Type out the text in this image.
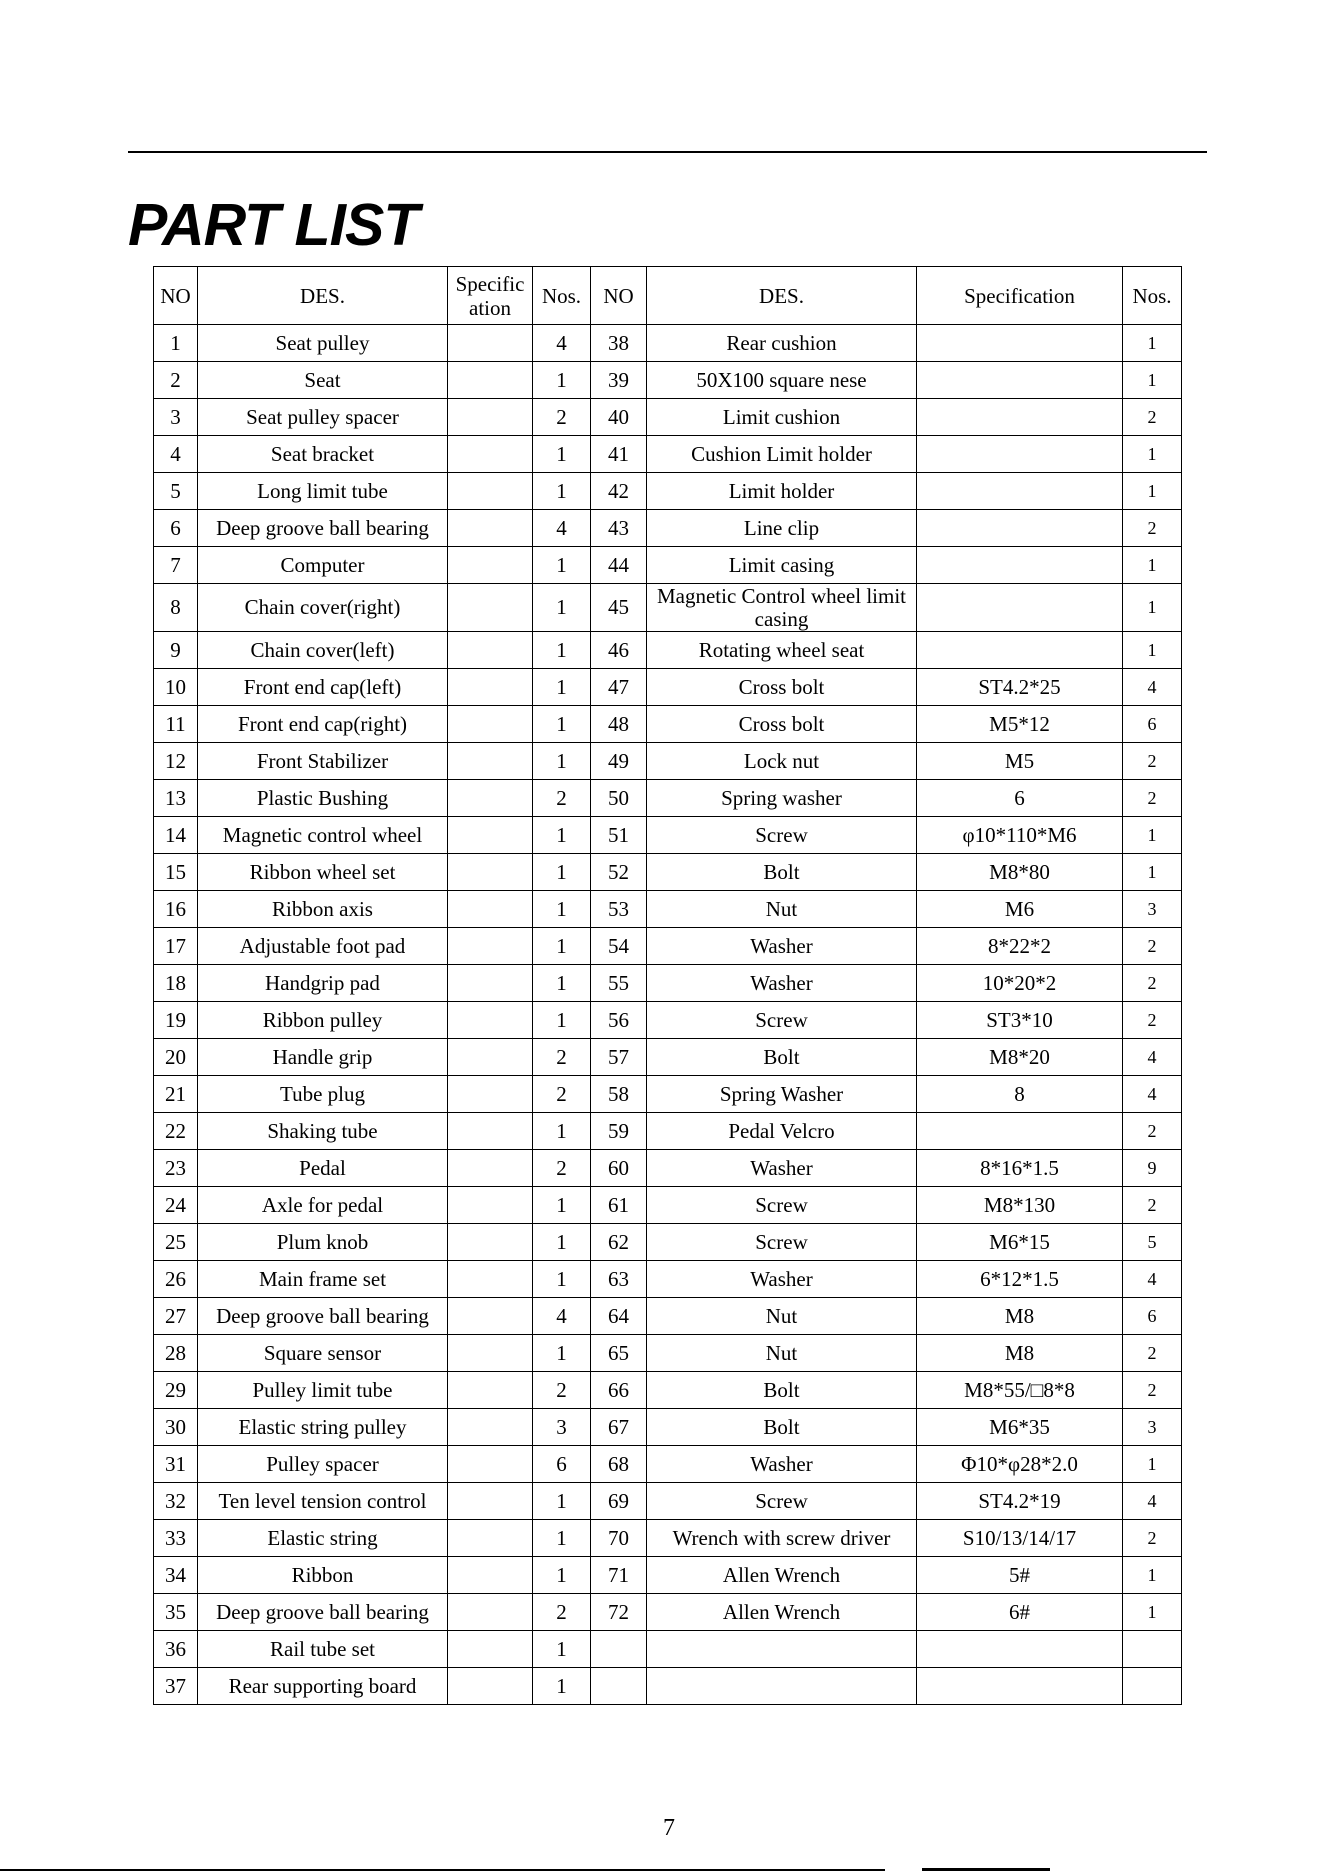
PART LIST
NO	DES.	Specific ation	Nos.	NO	DES.	Specification	Nos.
1	Seat pulley		4	38	Rear cushion		1
2	Seat		1	39	50X100 square nese		1
3	Seat pulley spacer		2	40	Limit cushion		2
4	Seat bracket		1	41	Cushion Limit holder		1
5	Long limit tube		1	42	Limit holder		1
6	Deep groove ball bearing		4	43	Line clip		2
7	Computer		1	44	Limit casing		1
8	Chain cover(right)		1	45	Magnetic Control wheel limit casing		1
9	Chain cover(left)		1	46	Rotating wheel seat		1
10	Front end cap(left)		1	47	Cross bolt	ST4.2*25	4
11	Front end cap(right)		1	48	Cross bolt	M5*12	6
12	Front Stabilizer		1	49	Lock nut	M5	2
13	Plastic Bushing		2	50	Spring washer	6	2
14	Magnetic control wheel		1	51	Screw	φ10*110*M6	1
15	Ribbon wheel set		1	52	Bolt	M8*80	1
16	Ribbon axis		1	53	Nut	M6	3
17	Adjustable foot pad		1	54	Washer	8*22*2	2
18	Handgrip pad		1	55	Washer	10*20*2	2
19	Ribbon pulley		1	56	Screw	ST3*10	2
20	Handle grip		2	57	Bolt	M8*20	4
21	Tube plug		2	58	Spring Washer	8	4
22	Shaking tube		1	59	Pedal Velcro		2
23	Pedal		2	60	Washer	8*16*1.5	9
24	Axle for pedal		1	61	Screw	M8*130	2
25	Plum knob		1	62	Screw	M6*15	5
26	Main frame set		1	63	Washer	6*12*1.5	4
27	Deep groove ball bearing		4	64	Nut	M8	6
28	Square sensor		1	65	Nut	M8	2
29	Pulley limit tube		2	66	Bolt	M8*55/□8*8	2
30	Elastic string pulley		3	67	Bolt	M6*35	3
31	Pulley spacer		6	68	Washer	Φ10*φ28*2.0	1
32	Ten level tension control		1	69	Screw	ST4.2*19	4
33	Elastic string		1	70	Wrench with screw driver	S10/13/14/17	2
34	Ribbon		1	71	Allen Wrench	5#	1
35	Deep groove ball bearing		2	72	Allen Wrench	6#	1
36	Rail tube set		1				
37	Rear supporting board		1				
7
